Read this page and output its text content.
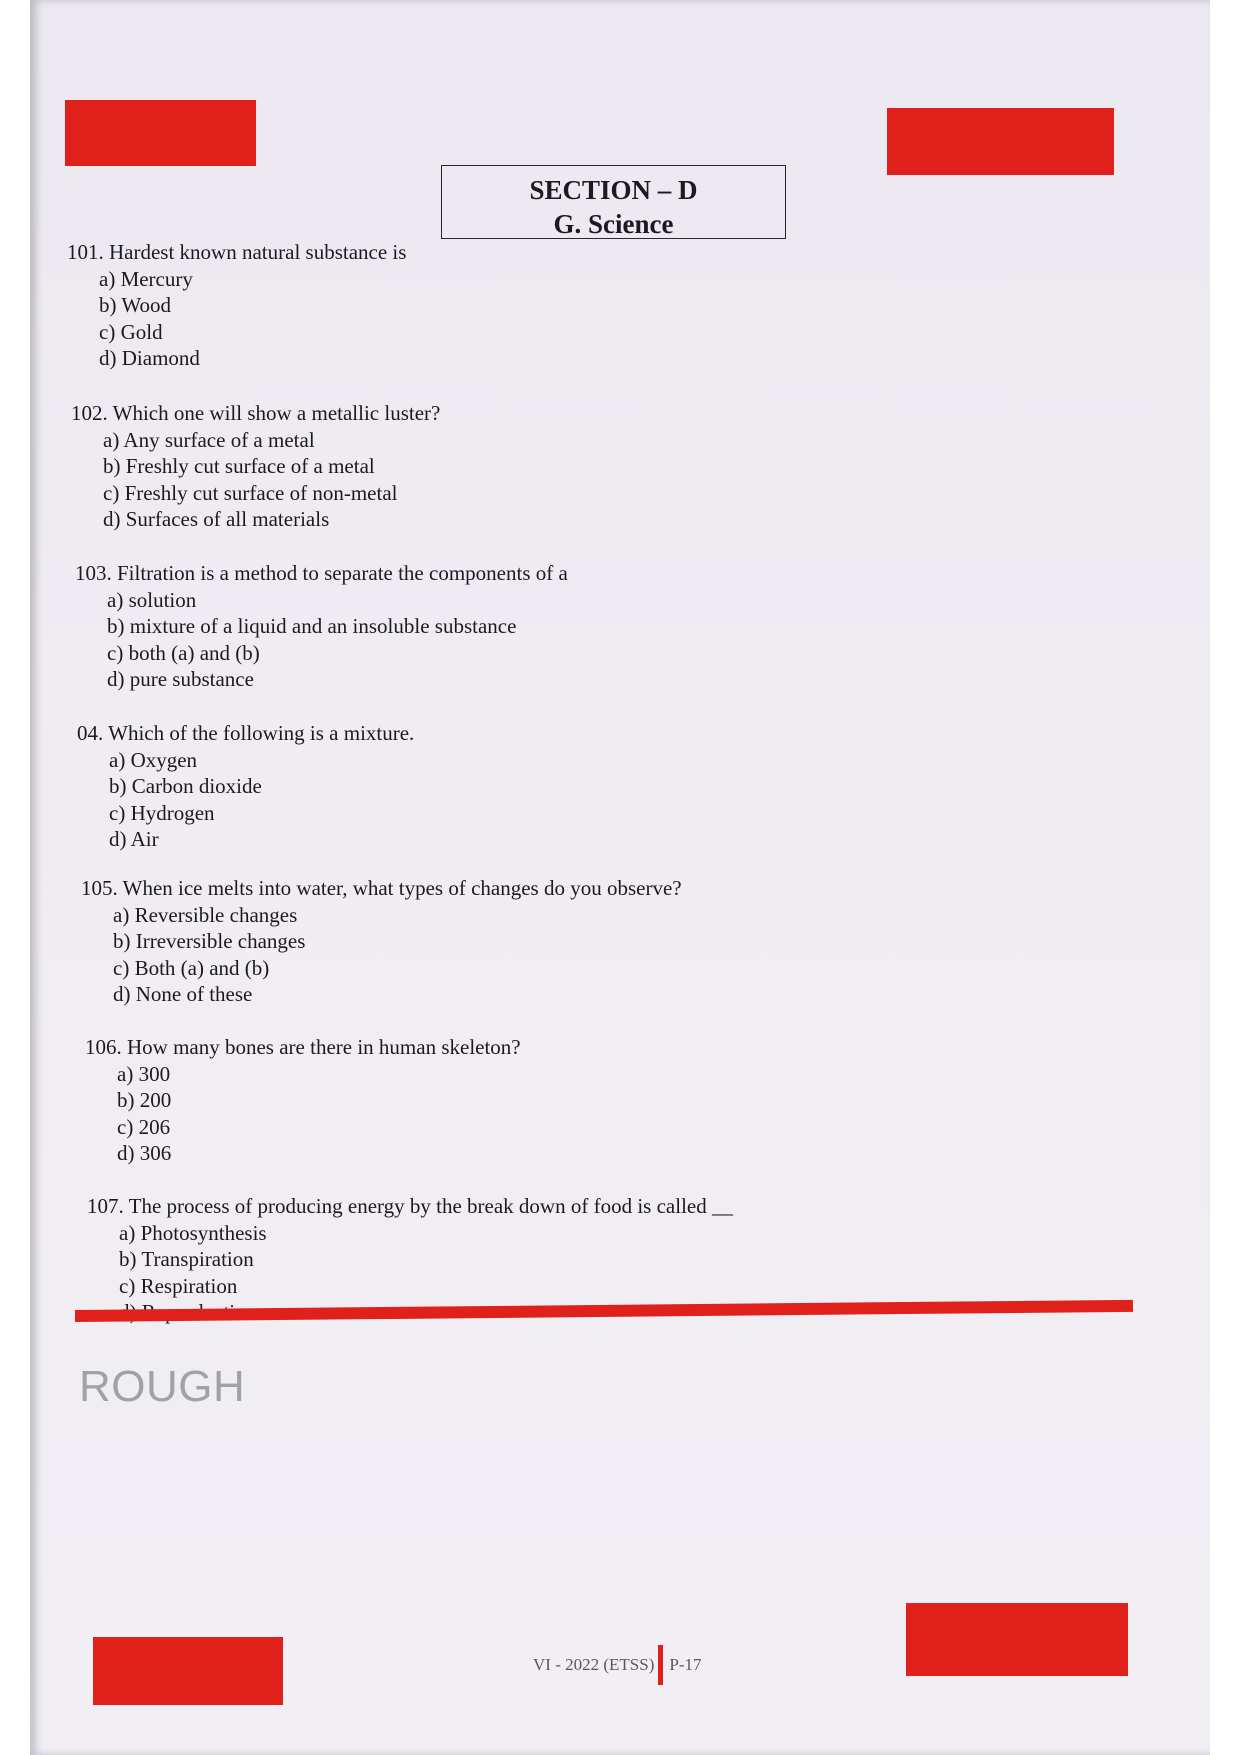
SECTION – D
G. Science
101. Hardest known natural substance is
a) Mercury
b) Wood
c) Gold
d) Diamond
102. Which one will show a metallic luster?
a) Any surface of a metal
b) Freshly cut surface of a metal
c) Freshly cut surface of non-metal
d) Surfaces of all materials
103. Filtration is a method to separate the components of a
a) solution
b) mixture of a liquid and an insoluble substance
c) both (a) and (b)
d) pure substance
04. Which of the following is a mixture.
a) Oxygen
b) Carbon dioxide
c) Hydrogen
d) Air
105. When ice melts into water, what types of changes do you observe?
a) Reversible changes
b) Irreversible changes
c) Both (a) and (b)
d) None of these
106. How many bones are there in human skeleton?
a) 300
b) 200
c) 206
d) 306
107. The process of producing energy by the break down of food is called __
a) Photosynthesis
b) Transpiration
c) Respiration
ROUGH
VI - 2022 (ETSS) P-17
